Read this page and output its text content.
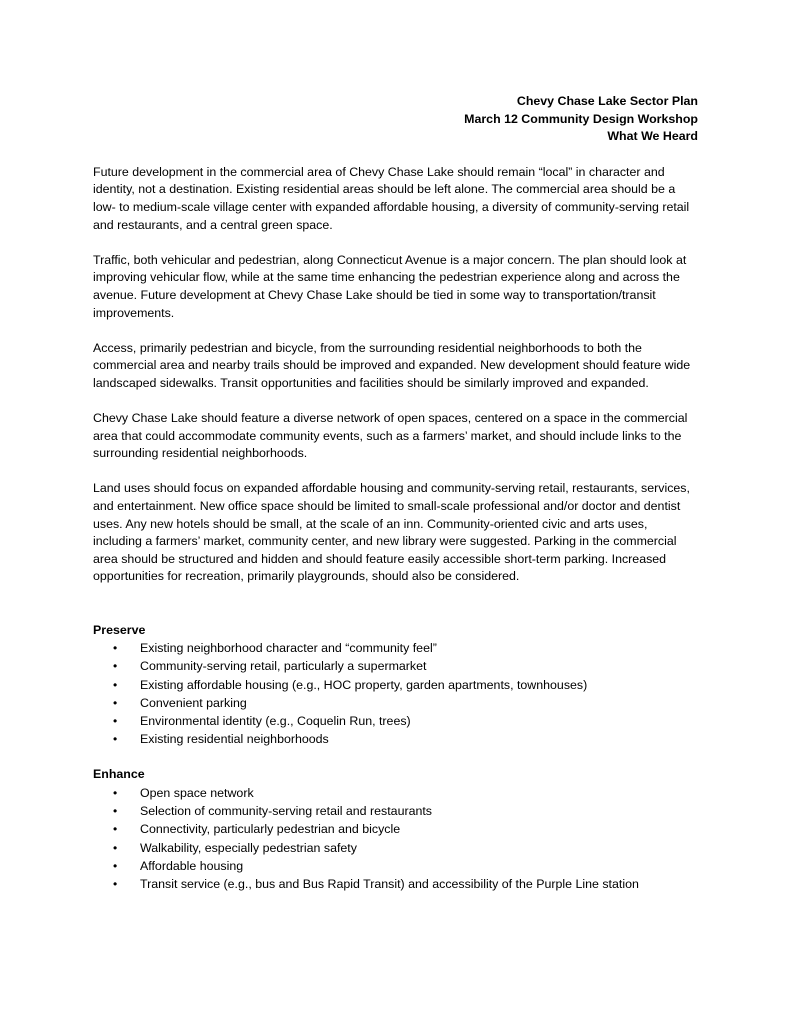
Chevy Chase Lake Sector Plan

March 12 Community Design Workshop

What We Heard

Future development in the commercial area of Chevy Chase Lake should remain “local” in character and identity, not a destination. Existing residential areas should be left alone. The commercial area should be a low- to medium-scale village center with expanded affordable housing, a diversity of community-serving retail and restaurants, and a central green space.

Traffic, both vehicular and pedestrian, along Connecticut Avenue is a major concern. The plan should look at improving vehicular flow, while at the same time enhancing the pedestrian experience along and across the avenue. Future development at Chevy Chase Lake should be tied in some way to transportation/transit improvements.

Access, primarily pedestrian and bicycle, from the surrounding residential neighborhoods to both the commercial area and nearby trails should be improved and expanded. New development should feature wide landscaped sidewalks. Transit opportunities and facilities should be similarly improved and expanded.

Chevy Chase Lake should feature a diverse network of open spaces, centered on a space in the commercial area that could accommodate community events, such as a farmers’ market, and should include links to the surrounding residential neighborhoods.

Land uses should focus on expanded affordable housing and community-serving retail, restaurants, services, and entertainment. New office space should be limited to small-scale professional and/or doctor and dentist uses. Any new hotels should be small, at the scale of an inn. Community-oriented civic and arts uses, including a farmers’ market, community center, and new library were suggested. Parking in the commercial area should be structured and hidden and should feature easily accessible short-term parking. Increased opportunities for recreation, primarily playgrounds, should also be considered.

Preserve

• Existing neighborhood character and “community feel”
• Community-serving retail, particularly a supermarket
• Existing affordable housing (e.g., HOC property, garden apartments, townhouses)
• Convenient parking
• Environmental identity (e.g., Coquelin Run, trees)
• Existing residential neighborhoods

Enhance

• Open space network
• Selection of community-serving retail and restaurants
• Connectivity, particularly pedestrian and bicycle
• Walkability, especially pedestrian safety
• Affordable housing
• Transit service (e.g., bus and Bus Rapid Transit) and accessibility of the Purple Line station
